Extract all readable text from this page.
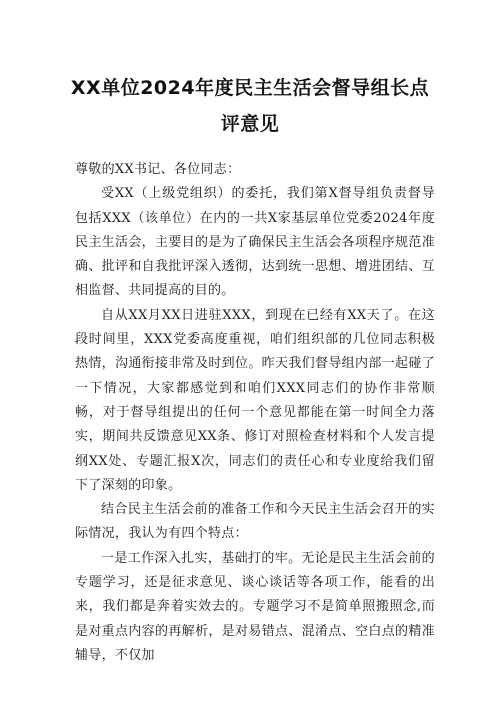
XX单位2024年度民主生活会督导组长点
评意见

尊敬的XX书记、各位同志：

受XX（上级党组织）的委托，我们第X督导组负责督导包括XXX（该单位）在内的一共X家基层单位党委2024年度民主生活会，主要目的是为了确保民主生活会各项程序规范准确、批评和自我批评深入透彻，达到统一思想、增进团结、互相监督、共同提高的目的。

自从XX月XX日进驻XXX，到现在已经有XX天了。在这段时间里，XXX党委高度重视，咱们组织部的几位同志积极热情，沟通衔接非常及时到位。昨天我们督导组内部一起碰了一下情况，大家都感觉到和咱们XXX同志们的协作非常顺畅，对于督导组提出的任何一个意见都能在第一时间全力落实，期间共反馈意见XX条、修订对照检查材料和个人发言提纲XX处、专题汇报X次，同志们的责任心和专业度给我们留下了深刻的印象。

结合民主生活会前的准备工作和今天民主生活会召开的实际情况，我认为有四个特点：

一是工作深入扎实，基础打的牢。无论是民主生活会前的专题学习，还是征求意见、谈心谈话等各项工作，能看的出来，我们都是奔着实效去的。专题学习不是简单照搬照念,而是对重点内容的再解析，是对易错点、混淆点、空白点的精准辅导，不仅加
